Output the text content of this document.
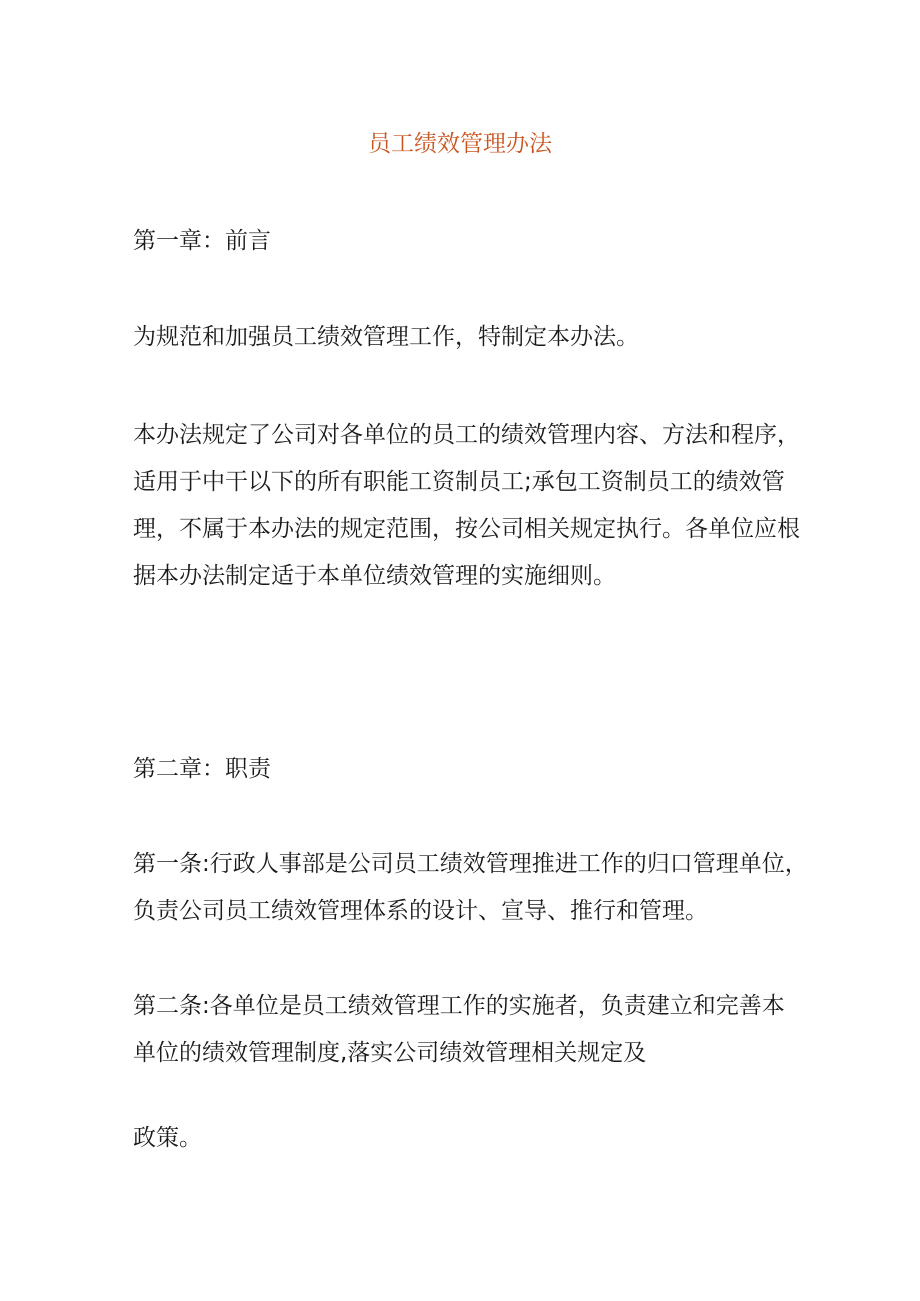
员工绩效管理办法

第一章：前言

为规范和加强员工绩效管理工作，特制定本办法。

本办法规定了公司对各单位的员工的绩效管理内容、方法和程序，
适用于中干以下的所有职能工资制员工;承包工资制员工的绩效管
理，不属于本办法的规定范围，按公司相关规定执行。各单位应根
据本办法制定适于本单位绩效管理的实施细则。

第二章：职责

第一条:行政人事部是公司员工绩效管理推进工作的归口管理单位，
负责公司员工绩效管理体系的设计、宣导、推行和管理。
第二条:各单位是员工绩效管理工作的实施者，负责建立和完善本
单位的绩效管理制度,落实公司绩效管理相关规定及

政策。
